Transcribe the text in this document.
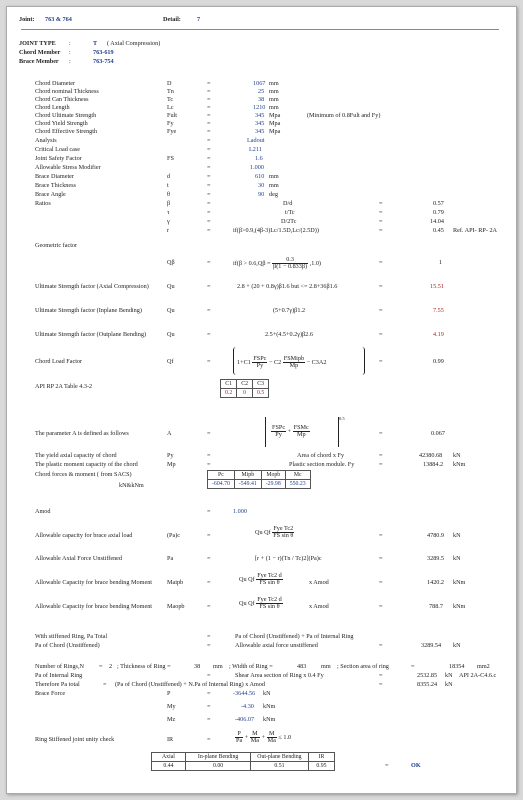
Joint: 763 & 764	Detail:	7
JOINT TYPE :	T ( Axial Compression)
Chord Member :	763-619
Brace Member :	763-754
Chord Diameter	D	=	1067 mm
Chord nominal Thickness	Tn	=	25 mm
Chord Can Thickness	Tc	=	38 mm
Chord Length	Lc	=	1210 mm
Chord Ultimate Strength	Fult	=	345 Mpa	(Minimum of 0.8Fult and Fy)
Chord Yield Strength	Fy	=	345 Mpa
Chord Effective Strength	Fye	=	345 Mpa
Analysis	=	Ladout
Critical Load case	=	L211
Joint Safety Factor	FS	=	1.6
Allowable Stress Modifier	=	1.000
Brace Diameter	d	=	610 mm
Brace Thickness	t	=	30 mm
Brace Angle	θ	=	90 deg
Ratios	β	=	D/d	=	0.57
τ	=	t/Tc	=	0.79
γ	=	D/2Tc	=	14.04
r	=	if(β>0.9,(4β-3)Lc/1.5D,Lc/(2.5D))	=	0.45 Ref. API- RP- 2A
Geometric factor
Qβ	=	$if(\beta > 0.6,Q\beta = \frac{0.3}{\beta(1 - 0.833\beta)} ,1.0)$	=	1
Ultimate Strength factor (Axial Compression)	Qu	=	2.8 + (20 + 0.8γ)β1.6 but <= 2.8+36β1.6	=	15.51
Ultimate Strength factor (Inplane Bending)	Qu	=	(5+0.7γ)β1.2	=	7.55
Ultimate Strength factor (Outplane Bending)	Qu	=	2.5+(4.5+0.2γ)β2.6	=	4.19
Chord Load Factor	Qf	=	$1+C1 \frac{\text{FSPc}}{Py} - C2 \frac{\text{FSMipb}}{Mp} - C3A2$	=	0.99
API RP 2A Table 4.3-2	C1	C2	C3
0.2	0	0.5
The parameter A is defined as follows	A	=	$\frac{\text{FSPc}}{Py} + \frac{\text{FSMc}}{Mp}$
0.5
=	0.067
The yield axial capacity of chord	Py	=	Area of chord x Fy	=	42380.68 kN
The plastic moment capacity of the chord	Mp	=	Plastic section module. Fy	=	13884.2 kNm
Chord forces & moment ( from SACS)
kN&kNm
Pc	Mipb	Mopb	Mc
-604.70	-549.41	-29.98	550.23
Amod	=	1.000
Allowable capacity for brace axial load	(Pa)c	=	Qu Qf $\frac{\text{Fye Tc2}}{\text{FS sin θ}}$	=	4780.9 kN
Allowable Axial Force Unstiffened	Pa	=	[r + (1 − r)(Tn / Tc)2](Pa)c	=	3289.5 kN
Allowable Capacity for brace bending Moment Maipb	=	Qu Qf $\frac{\text{Fye Tc2 d}}{\text{FS sin θ}}$	x Amod	=	1420.2 kNm
Allowable Capacity for brace bending Moment Maopb	=	Qu Qf $\frac{\text{Fye Tc2 d}}{\text{FS sin θ}}$	x Amod	=	788.7 kNm
With stiffened Ring, Pa Total	=	Pa of Chord (Unstiffened) + Pa of Internal Ring
Pa of Chord (Unstiffened)	=	Allowable axial force unstiffened	=	3289.54 kN
Number of Rings,N = 2 ; Thickness of Ring =	38 mm ; Width of Ring =	483 mm ; Section area of ring	=	18354 mm2
Pa of Internal Ring	=	Shear Area section of Ring x 0.4 Fy	=	2532.85 kN API 2A-C4.6.c
Therefore Pa total	= (Pa of Chord (Unstiffened) + N.Pa of Internal Ring) x Amod	=	8355.24 kN
Brace Force	P	=	-3644.56 kN
My	=	-4.30 kNm
Mz	=	-406.07 kNm
Ring Stiffened joint unity check	IR	=	$\frac{P}{Pa} + \frac{M}{Ma} + \frac{M}{Ma} \le 1.0$
Axial	In-plane Bending	Out-plane Bending	IR
0.44	0.00	0.51	0.95	=	OK
